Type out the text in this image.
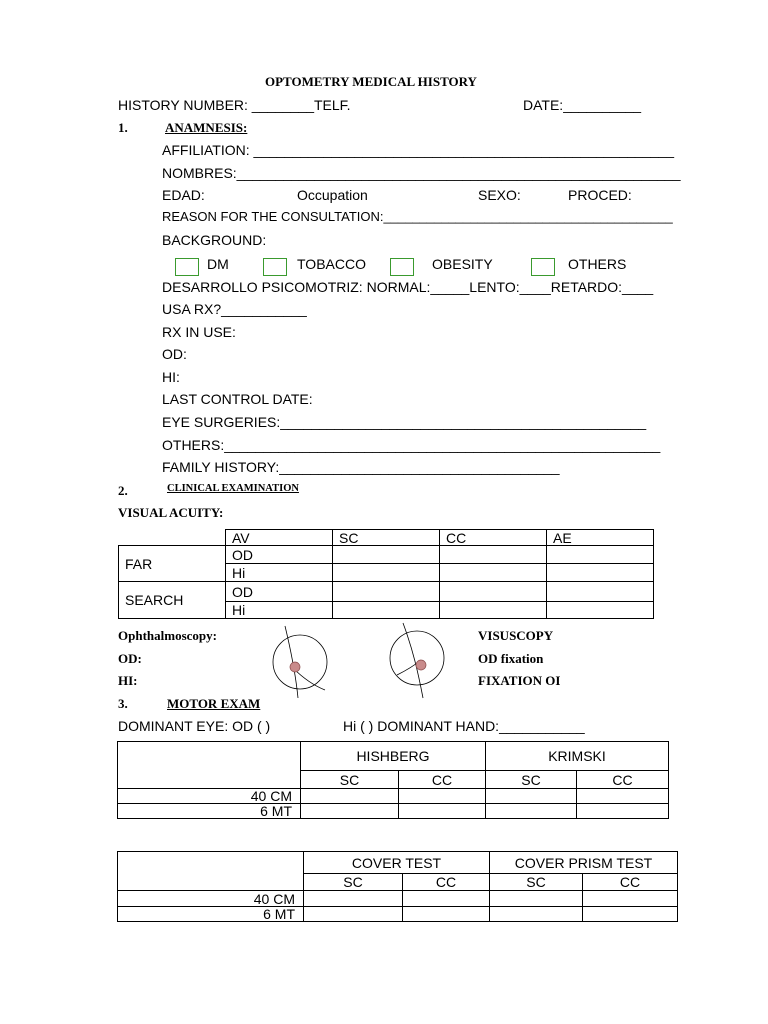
OPTOMETRY MEDICAL HISTORY
HISTORY NUMBER: ________ TELF.	DATE:__________
1.	ANAMNESIS:
AFFILIATION: ______________________________________________________
NOMBRES:_________________________________________________________
EDAD:	Occupation	SEXO:	PROCED:
REASON FOR THE CONSULTATION:________________________________________
BACKGROUND:
DM	TOBACCO	OBESITY	OTHERS
DESARROLLO PSICOMOTRIZ: NORMAL:_____LENTO:____RETARDO:____
USA RX?___________
RX IN USE:
OD:
HI:
LAST CONTROL DATE:
EYE SURGERIES:_______________________________________________
OTHERS:________________________________________________________
FAMILY HISTORY:____________________________________
2.	CLINICAL EXAMINATION
VISUAL ACUITY:
	AV	SC	CC	AE
FAR	OD			
	Hi			
SEARCH	OD			
	Hi			
Ophthalmoscopy:
OD:
HI:
VISUSCOPY
OD fixation
FIXATION OI
3.	MOTOR EXAM
DOMINANT EYE: OD ( )	Hi ( ) DOMINANT HAND:___________
	HISHBERG		KRIMSKI	
	SC	CC	SC	CC
40 CM				
6 MT				
	COVER TEST		COVER PRISM TEST	
	SC	CC	SC	CC
40 CM				
6 MT				
